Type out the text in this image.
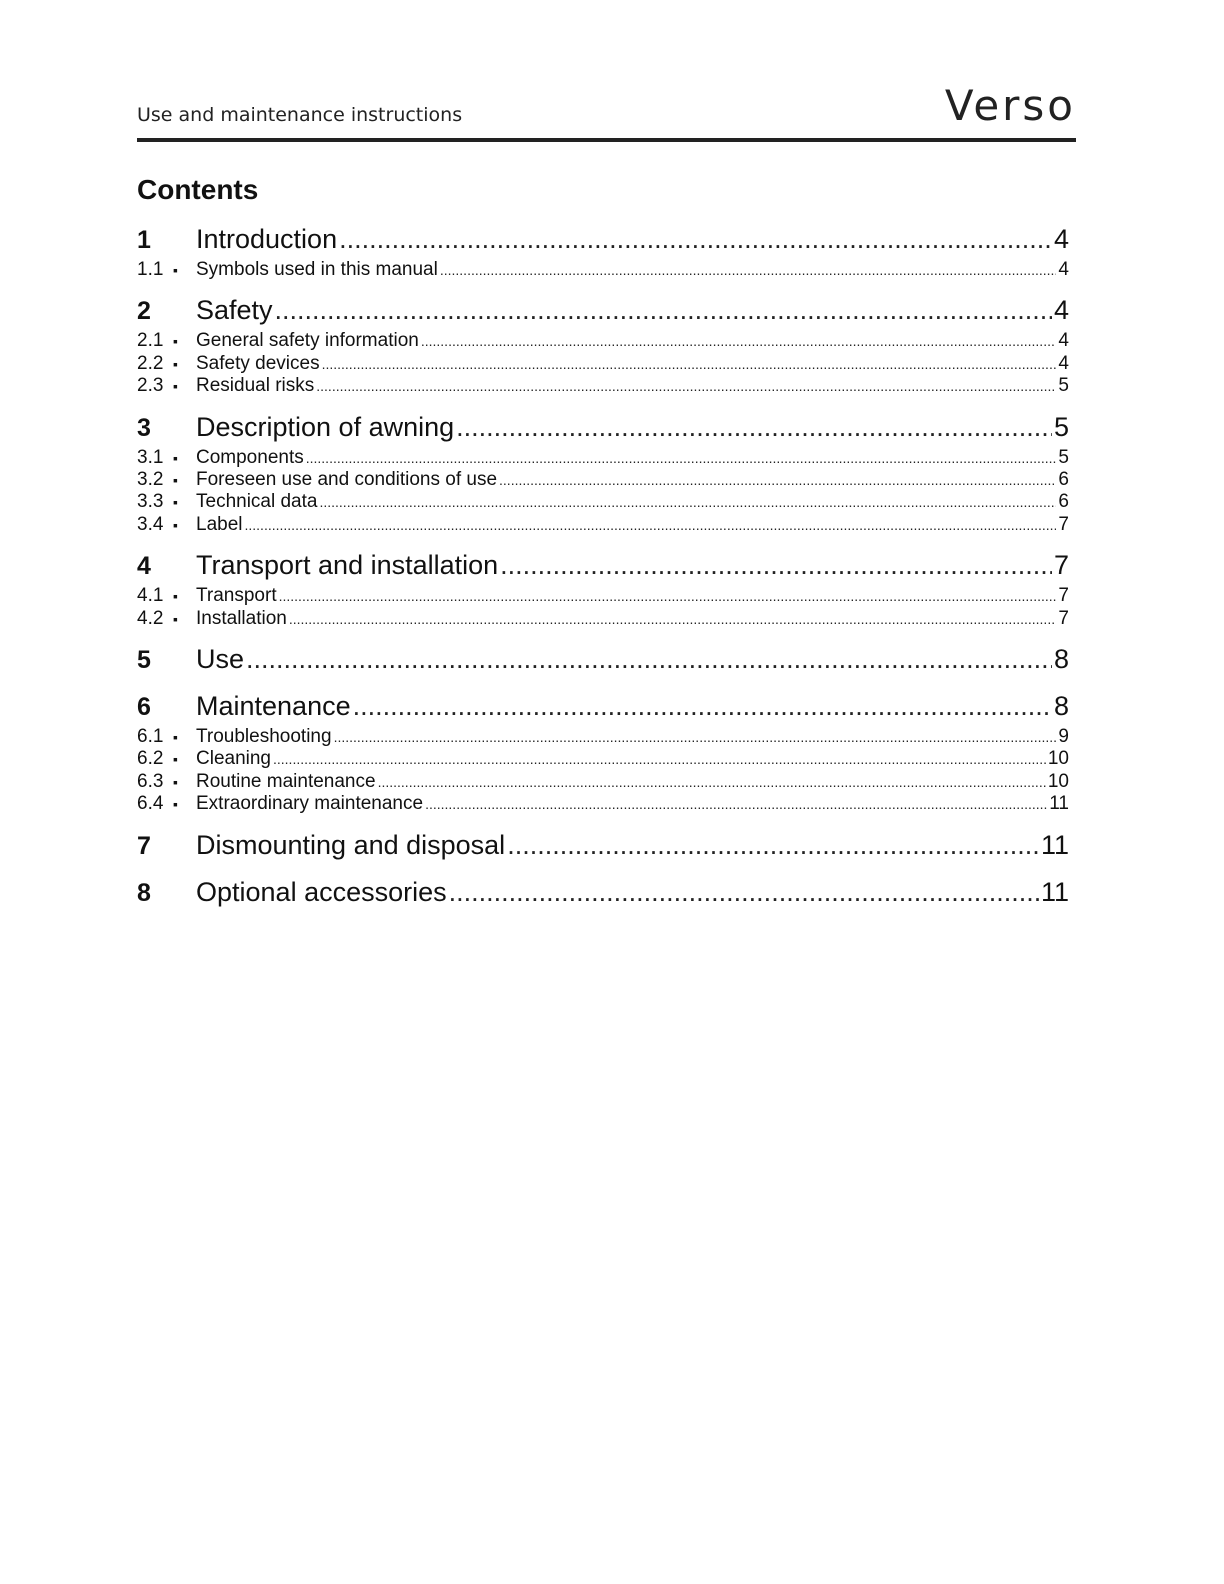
Use and maintenance instructions	Verso
Contents
1	Introduction .....	4
1.1 ▪ Symbols used in this manual .....	4
2	Safety .....	4
2.1 ▪ General safety information .....	4
2.2 ▪ Safety devices .....	4
2.3 ▪ Residual risks .....	5
3	Description of awning .....	5
3.1 ▪ Components .....	5
3.2 ▪ Foreseen use and conditions of use .....	6
3.3 ▪ Technical data .....	6
3.4 ▪ Label .....	7
4	Transport and installation .....	7
4.1 ▪ Transport .....	7
4.2 ▪ Installation .....	7
5	Use .....	8
6	Maintenance .....	8
6.1 ▪ Troubleshooting .....	9
6.2 ▪ Cleaning .....	10
6.3 ▪ Routine maintenance .....	10
6.4 ▪ Extraordinary maintenance .....	11
7	Dismounting and disposal .....	11
8	Optional accessories .....	11
